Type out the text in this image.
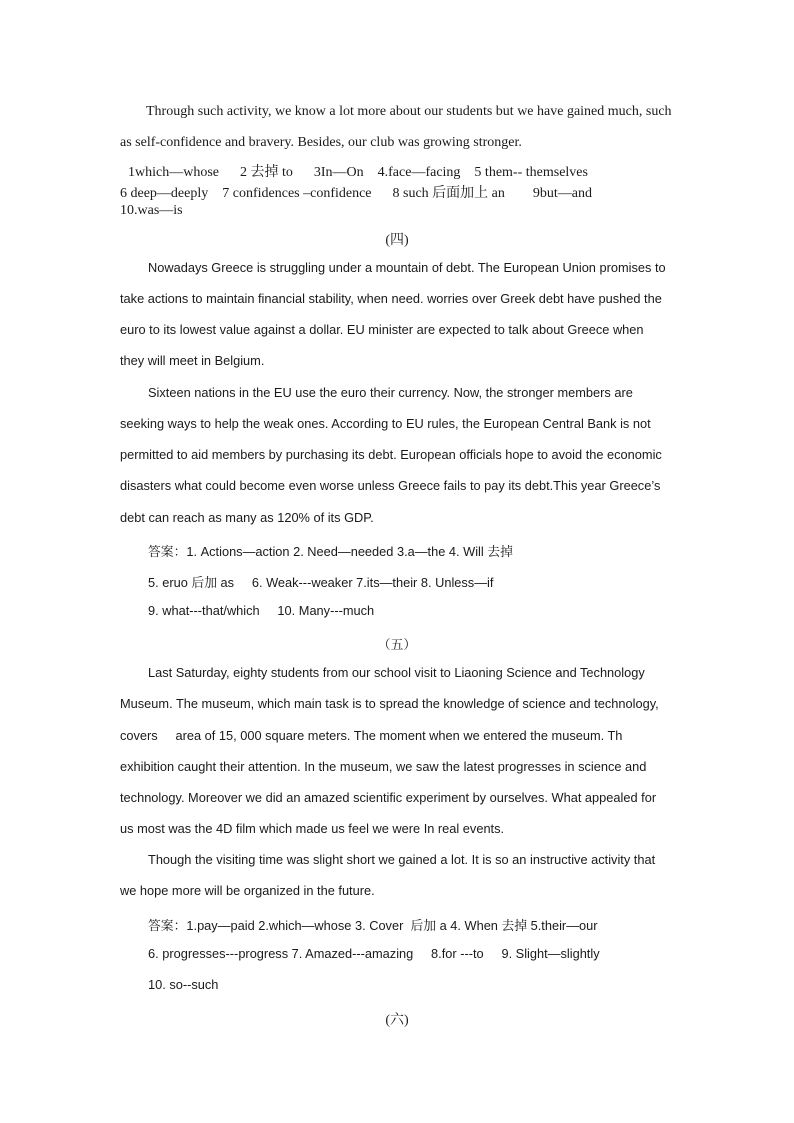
Through such activity, we know a lot more about our students but we have gained much, such

as self-confidence and bravery. Besides, our club was growing stronger.

1which—whose      2 去掉 to      3In—On    4.face—facing    5 them-- themselves

6 deep—deeply    7 confidences –confidence      8 such 后面加上 an        9but—and

10.was—is

(四)

Nowadays Greece is struggling under a mountain of debt. The European Union promises to

take actions to maintain financial stability, when need. worries over Greek debt have pushed the

euro to its lowest value against a dollar. EU minister are expected to talk about Greece when

they will meet in Belgium.

Sixteen nations in the EU use the euro their currency. Now, the stronger members are

seeking ways to help the weak ones. According to EU rules, the European Central Bank is not

permitted to aid members by purchasing its debt. European officials hope to avoid the economic

disasters what could become even worse unless Greece fails to pay its debt.This year Greece’s

debt can reach as many as 120% of its GDP.

答案：1. Actions—action 2. Need—needed 3.a—the 4. Will 去掉

5. eruo 后加 as     6. Weak---weaker 7.its—their 8. Unless—if

9. what---that/which     10. Many---much

（五）

Last Saturday, eighty students from our school visit to Liaoning Science and Technology

Museum. The museum, which main task is to spread the knowledge of science and technology,

covers     area of 15, 000 square meters. The moment when we entered the museum. Th

exhibition caught their attention. In the museum, we saw the latest progresses in science and

technology. Moreover we did an amazed scientific experiment by ourselves. What appealed for

us most was the 4D film which made us feel we were In real events.

Though the visiting time was slight short we gained a lot. It is so an instructive activity that

we hope more will be organized in the future.

答案：1.pay—paid 2.which—whose 3. Cover  后加 a 4. When 去掉 5.their—our

6. progresses---progress 7. Amazed---amazing     8.for ---to     9. Slight—slightly

10. so--such

(六)
